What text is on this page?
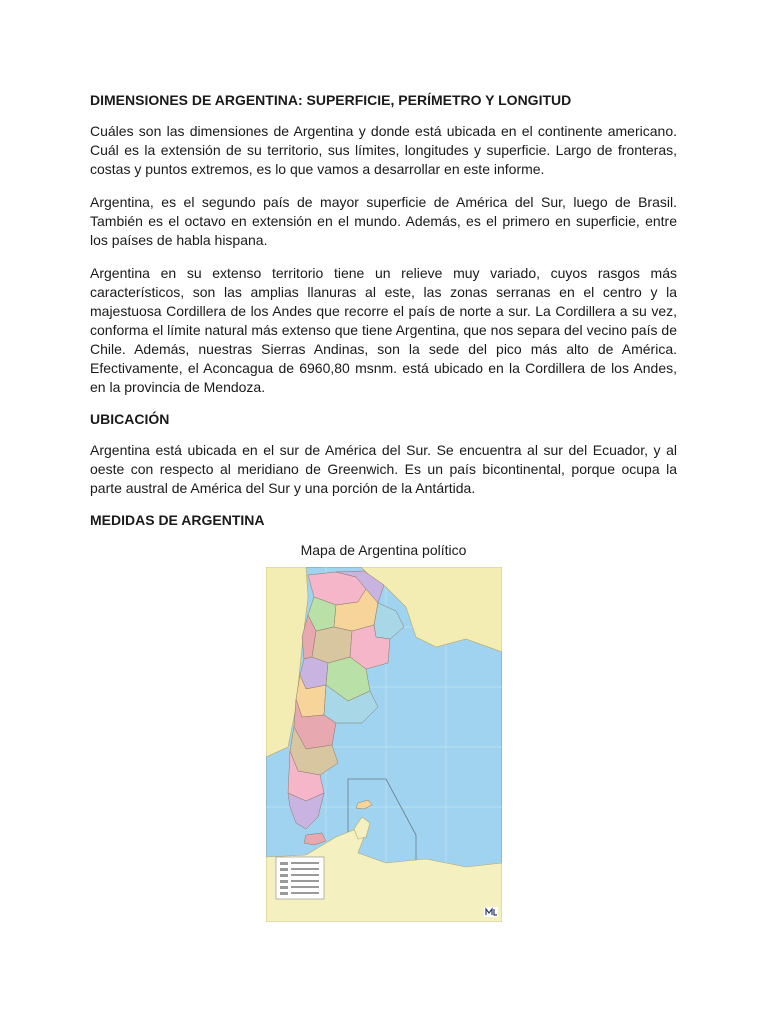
DIMENSIONES DE ARGENTINA: SUPERFICIE, PERÍMETRO Y LONGITUD

Cuáles son las dimensiones de Argentina y donde está ubicada en el continente americano. Cuál es la extensión de su territorio, sus límites, longitudes y superficie. Largo de fronteras, costas y puntos extremos, es lo que vamos a desarrollar en este informe.

Argentina, es el segundo país de mayor superficie de América del Sur, luego de Brasil. También es el octavo en extensión en el mundo. Además, es el primero en superficie, entre los países de habla hispana.

Argentina en su extenso territorio tiene un relieve muy variado, cuyos rasgos más característicos, son las amplias llanuras al este, las zonas serranas en el centro y la majestuosa Cordillera de los Andes que recorre el país de norte a sur. La Cordillera a su vez, conforma el límite natural más extenso que tiene Argentina, que nos separa del vecino país de Chile. Además, nuestras Sierras Andinas, son la sede del pico más alto de América. Efectivamente, el Aconcagua de 6960,80 msnm. está ubicado en la Cordillera de los Andes, en la provincia de Mendoza.

UBICACIÓN

Argentina está ubicada en el sur de América del Sur. Se encuentra al sur del Ecuador, y al oeste con respecto al meridiano de Greenwich. Es un país bicontinental, porque ocupa la parte austral de América del Sur y una porción de la Antártida.

MEDIDAS DE ARGENTINA
Mapa de Argentina político
